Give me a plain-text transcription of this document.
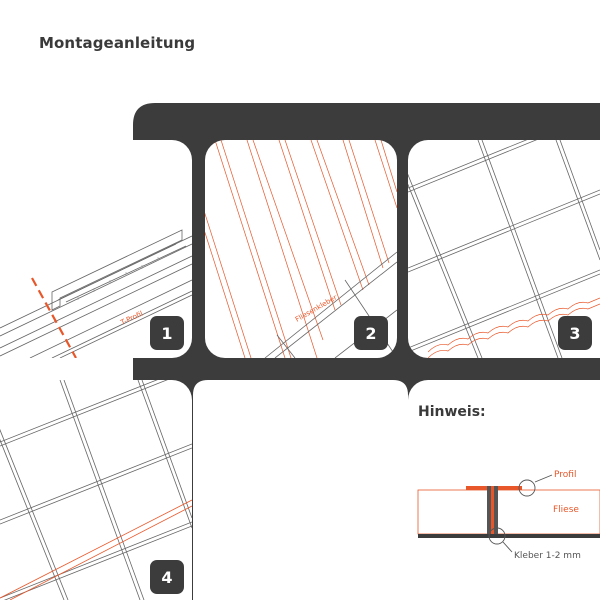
Montageanleitung
T-Profil
1
Fliesenkleber
2	3
4
Hinweis:
Profil
Fliese
Kleber 1-2 mm
